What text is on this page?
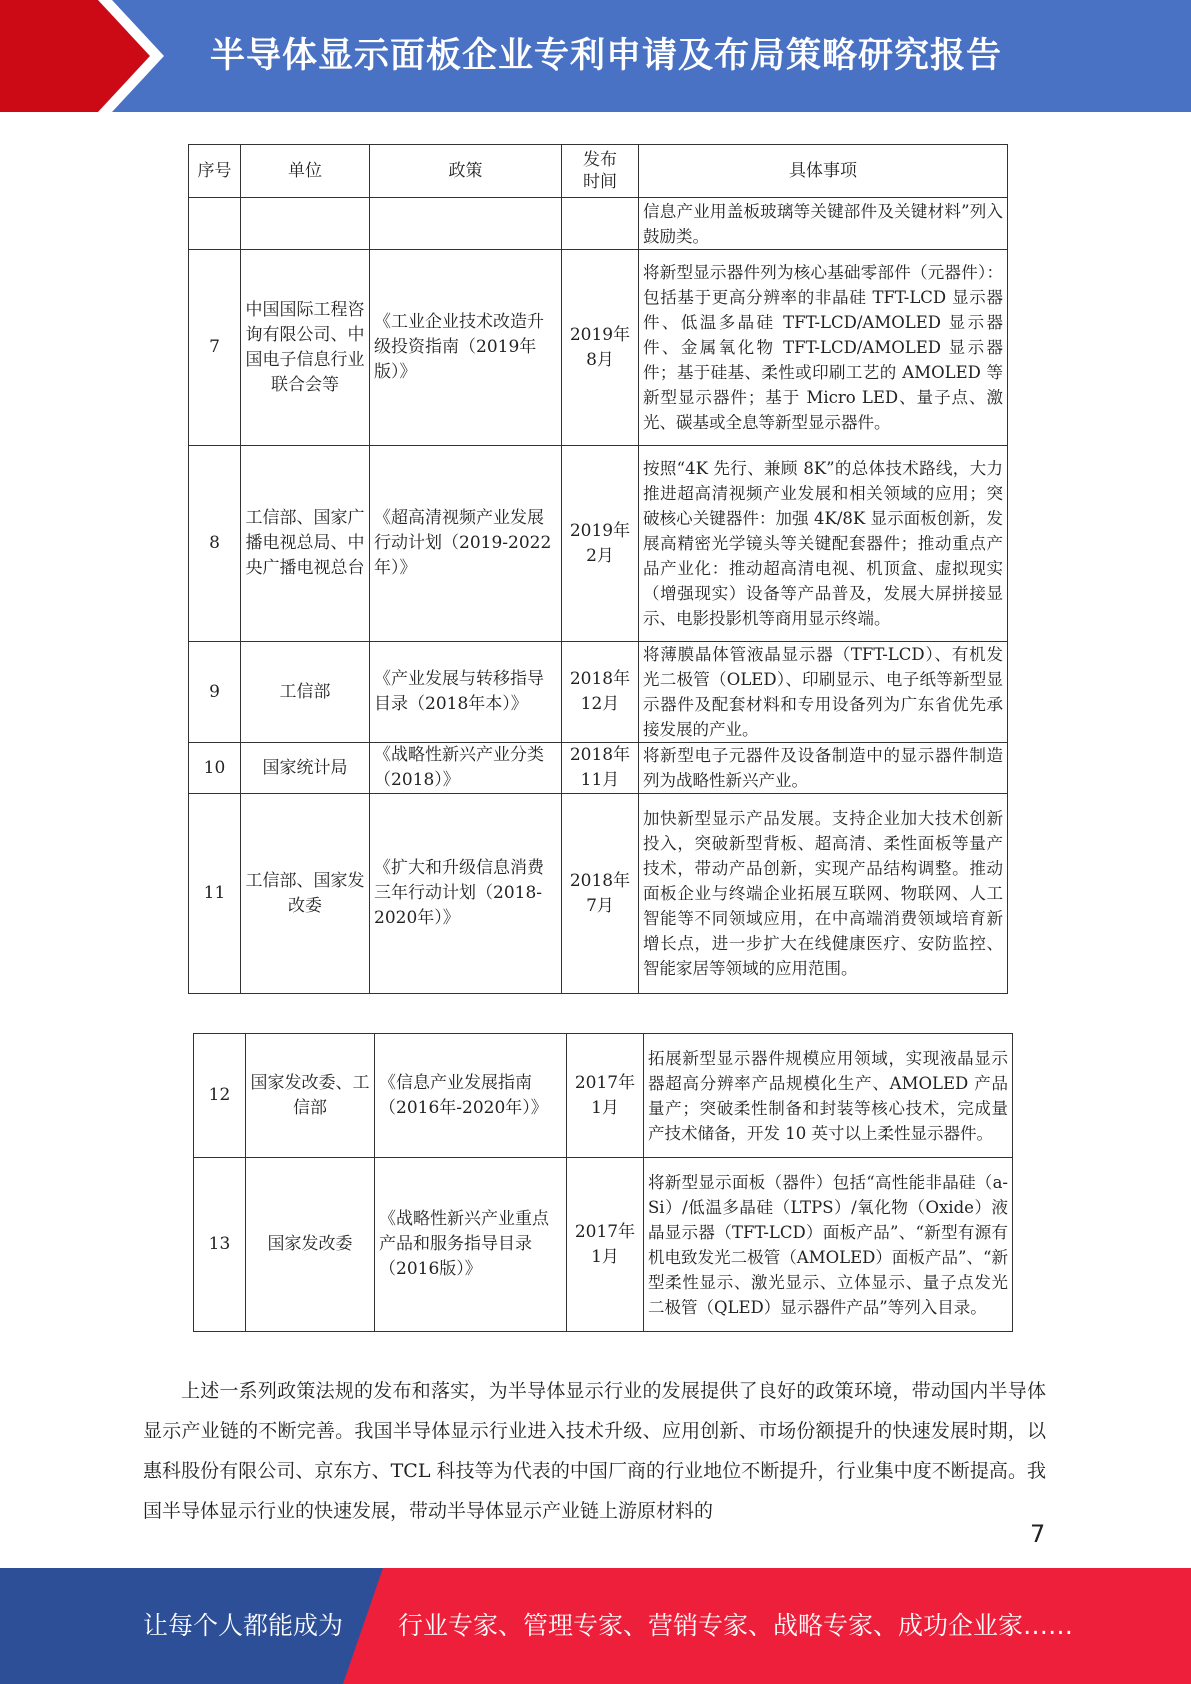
半导体显示面板企业专利申请及布局策略研究报告
序号	单位	政策	发布时间	具体事项
				信息产业用盖板玻璃等关键部件及关键材料”列入鼓励类。
7	中国国际工程咨询有限公司、中国电子信息行业联合会等	《工业企业技术改造升级投资指南（2019年版）》	2019年8月	将新型显示器件列为核心基础零部件（元器件）：包括基于更高分辨率的非晶硅 TFT-LCD 显示器件、低温多晶硅 TFT-LCD/AMOLED 显示器件、金属氧化物 TFT-LCD/AMOLED 显示器件；基于硅基、柔性或印刷工艺的 AMOLED 等新型显示器件；基于 Micro LED、量子点、激光、碳基或全息等新型显示器件。
8	工信部、国家广播电视总局、中央广播电视总台	《超高清视频产业发展行动计划（2019-2022年）》	2019年2月	按照“4K 先行、兼顾 8K”的总体技术路线，大力推进超高清视频产业发展和相关领域的应用；突破核心关键器件：加强 4K/8K 显示面板创新，发展高精密光学镜头等关键配套器件；推动重点产品产业化：推动超高清电视、机顶盒、虚拟现实（增强现实）设备等产品普及，发展大屏拼接显示、电影投影机等商用显示终端。
9	工信部	《产业发展与转移指导目录（2018年本）》	2018年12月	将薄膜晶体管液晶显示器（TFT-LCD）、有机发光二极管（OLED）、印刷显示、电子纸等新型显示器件及配套材料和专用设备列为广东省优先承接发展的产业。
10	国家统计局	《战略性新兴产业分类（2018）》	2018年11月	将新型电子元器件及设备制造中的显示器件制造列为战略性新兴产业。
11	工信部、国家发改委	《扩大和升级信息消费三年行动计划（2018-2020年）》	2018年7月	加快新型显示产品发展。支持企业加大技术创新投入，突破新型背板、超高清、柔性面板等量产技术，带动产品创新，实现产品结构调整。推动面板企业与终端企业拓展互联网、物联网、人工智能等不同领域应用，在中高端消费领域培育新增长点，进一步扩大在线健康医疗、安防监控、智能家居等领域的应用范围。
12	国家发改委、工信部	《信息产业发展指南（2016年-2020年）》	2017年1月	拓展新型显示器件规模应用领域，实现液晶显示器超高分辨率产品规模化生产、AMOLED 产品量产；突破柔性制备和封装等核心技术，完成量产技术储备，开发 10 英寸以上柔性显示器件。
13	国家发改委	《战略性新兴产业重点产品和服务指导目录（2016版）》	2017年1月	将新型显示面板（器件）包括“高性能非晶硅（a-Si）/低温多晶硅（LTPS）/氧化物（Oxide）液晶显示器（TFT-LCD）面板产品”、“新型有源有机电致发光二极管（AMOLED）面板产品”、“新型柔性显示、激光显示、立体显示、量子点发光二极管（QLED）显示器件产品”等列入目录。
上述一系列政策法规的发布和落实，为半导体显示行业的发展提供了良好的政策环境，带动国内半导体显示产业链的不断完善。我国半导体显示行业进入技术升级、应用创新、市场份额提升的快速发展时期，以惠科股份有限公司、京东方、TCL 科技等为代表的中国厂商的行业地位不断提升，行业集中度不断提高。我国半导体显示行业的快速发展，带动半导体显示产业链上游原材料的
7
让每个人都能成为 行业专家、管理专家、营销专家、战略专家、成功企业家……
